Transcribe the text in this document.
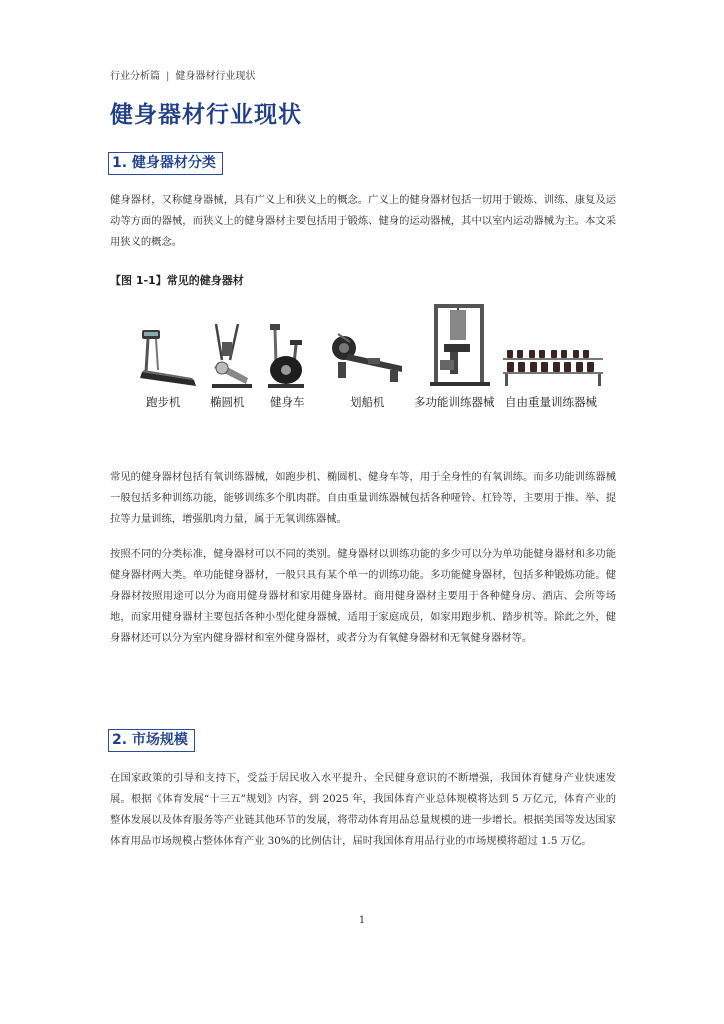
行业分析篇 | 健身器材行业现状
健身器材行业现状
1. 健身器材分类

健身器材，又称健身器械，具有广义上和狭义上的概念。广义上的健身器材包括一切用于锻炼、训练、康复及运动等方面的器械，而狭义上的健身器材主要包括用于锻炼、健身的运动器械，其中以室内运动器械为主。本文采用狭义的概念。

【图 1-1】常见的健身器材
跑步机	椭圆机 健身车	划船机	多功能训练器械 自由重量训练器械

常见的健身器材包括有氧训练器械，如跑步机、椭圆机、健身车等，用于全身性的有氧训练。而多功能训练器械一般包括多种训练功能，能够训练多个肌肉群。自由重量训练器械包括各种哑铃、杠铃等，主要用于推、举、提拉等力量训练，增强肌肉力量，属于无氧训练器械。

按照不同的分类标准，健身器材可以不同的类别。健身器材以训练功能的多少可以分为单功能健身器材和多功能健身器材两大类。单功能健身器材，一般只具有某个单一的训练功能。多功能健身器材，包括多种锻炼功能。健身器材按照用途可以分为商用健身器材和家用健身器材。商用健身器材主要用于各种健身房、酒店、会所等场地，而家用健身器材主要包括各种小型化健身器械，适用于家庭成员，如家用跑步机、踏步机等。除此之外，健身器材还可以分为室内健身器材和室外健身器材，或者分为有氧健身器材和无氧健身器材等。

2. 市场规模

在国家政策的引导和支持下，受益于居民收入水平提升、全民健身意识的不断增强，我国体育健身产业快速发展。根据《体育发展“十三五”规划》内容，到 2025 年，我国体育产业总体规模将达到 5 万亿元，体育产业的整体发展以及体育服务等产业链其他环节的发展，将带动体育用品总量规模的进一步增长。根据美国等发达国家体育用品市场规模占整体体育产业 30%的比例估计，届时我国体育用品行业的市场规模将超过 1.5 万亿。

1
